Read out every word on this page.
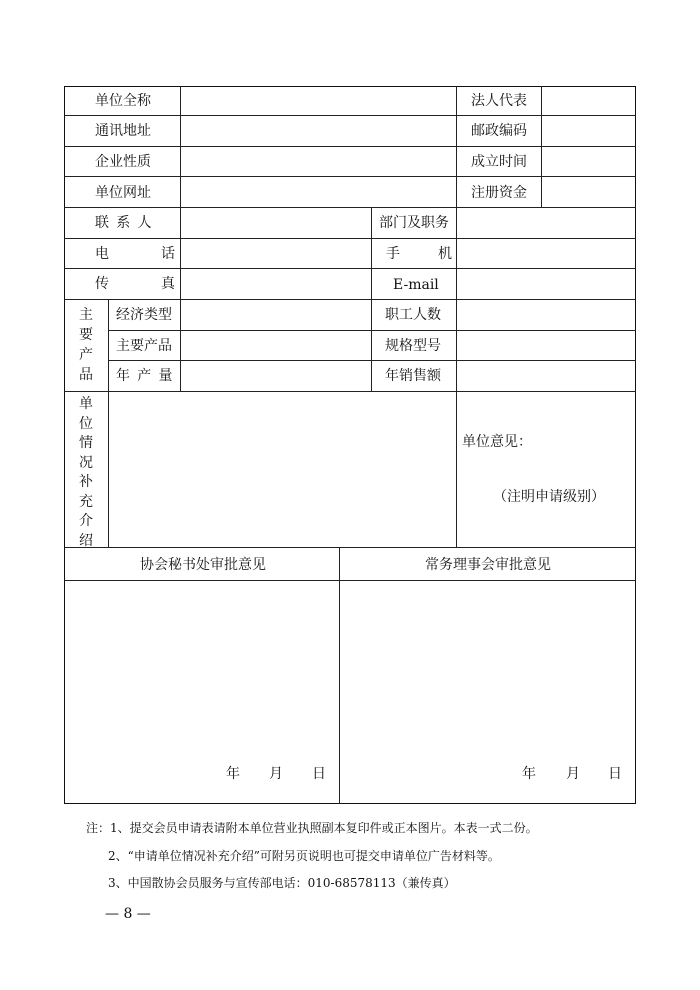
单位全称	法人代表
通讯地址	邮政编码
企业性质	成立时间
单位网址	注册资金
联 系 人	部门及职务
电 话	手 机
传 真	E-mail
主要产品
经济类型	职工人数
主要产品	规格型号
年 产 量	年销售额
单位情况补充介绍
单位意见：
（注明申请级别）
协会秘书处审批意见	常务理事会审批意见
年 月 日	年 月 日
注：1、提交会员申请表请附本单位营业执照副本复印件或正本图片。本表一式二份。
2、“申请单位情况补充介绍”可附另页说明也可提交申请单位广告材料等。
3、中国散协会员服务与宣传部电话：010-68578113（兼传真）
— 8 —
